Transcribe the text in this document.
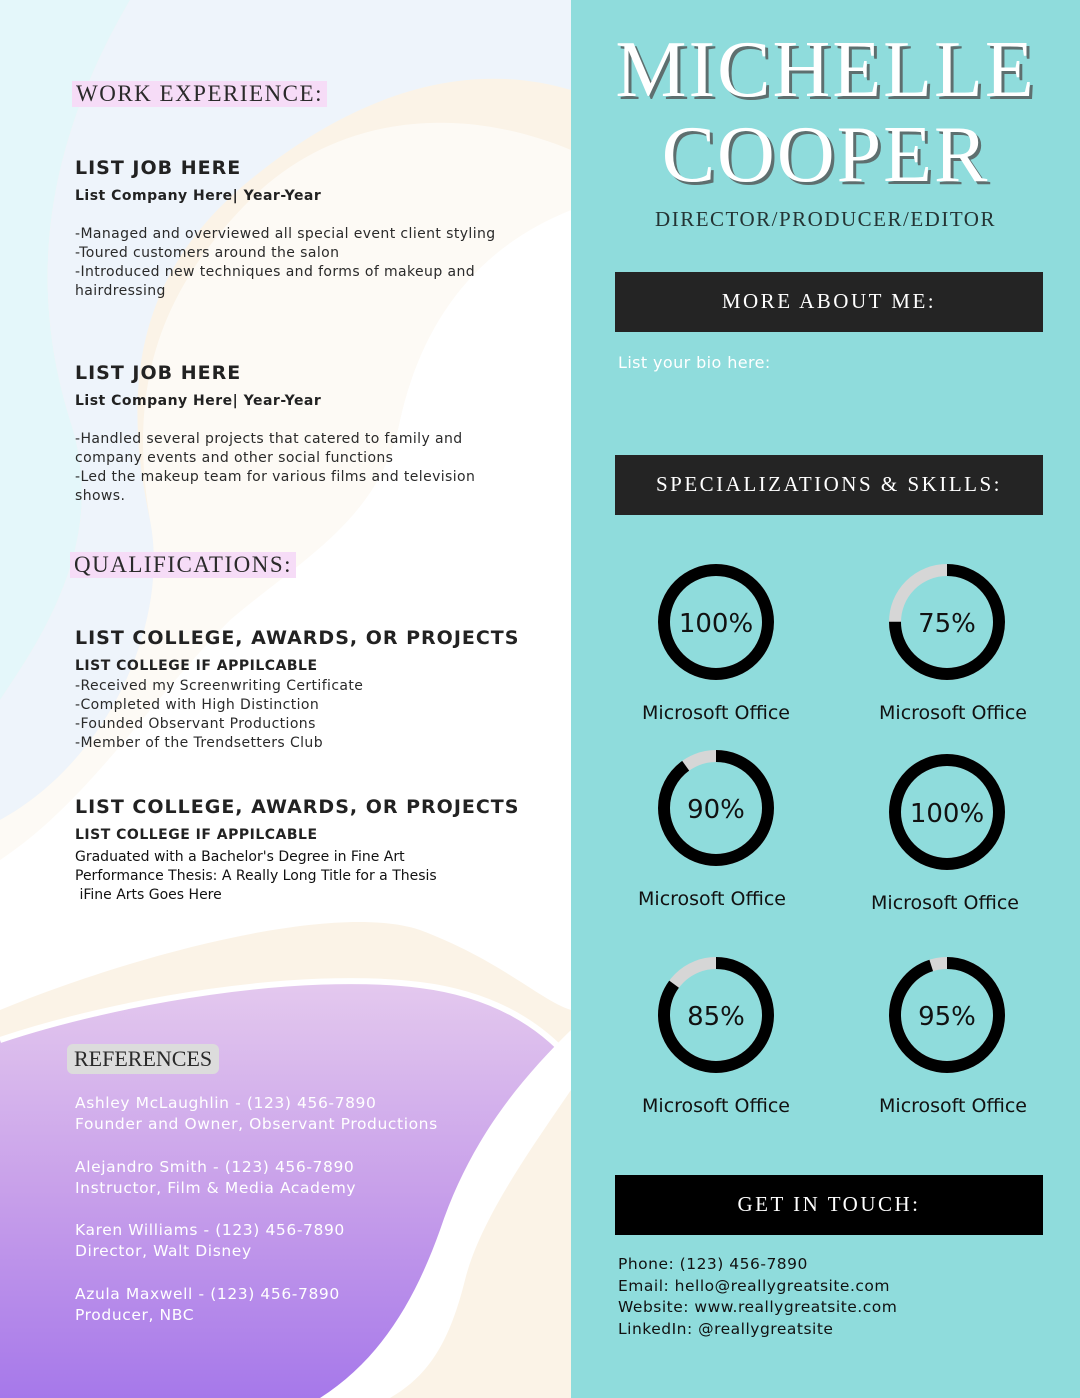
WORK EXPERIENCE:
LIST JOB HERE
List Company Here| Year-Year
-Managed and overviewed all special event client styling
-Toured customers around the salon
-Introduced new techniques and forms of makeup and
hairdressing
LIST JOB HERE
List Company Here| Year-Year
-Handled several projects that catered to family and
company events and other social functions
-Led the makeup team for various films and television
shows.
QUALIFICATIONS:
LIST COLLEGE, AWARDS, OR PROJECTS
LIST COLLEGE IF APPILCABLE
-Received my Screenwriting Certificate
-Completed with High Distinction
-Founded Observant Productions
-Member of the Trendsetters Club
LIST COLLEGE, AWARDS, OR PROJECTS
LIST COLLEGE IF APPILCABLE
Graduated with a Bachelor's Degree in Fine Art
Performance Thesis: A Really Long Title for a Thesis
iFine Arts Goes Here
REFERENCES
Ashley McLaughlin - (123) 456-7890
Founder and Owner, Observant Productions
Alejandro Smith - (123) 456-7890
Instructor, Film & Media Academy
Karen Williams - (123) 456-7890
Director, Walt Disney
Azula Maxwell - (123) 456-7890
Producer, NBC
MICHELLE
COOPER
DIRECTOR/PRODUCER/EDITOR
MORE ABOUT ME:
List your bio here:
SPECIALIZATIONS & SKILLS:
100%
Microsoft Office
75%
Microsoft Office
90%
Microsoft Office
100%
Microsoft Office
85%
Microsoft Office
95%
Microsoft Office
GET IN TOUCH:
Phone: (123) 456-7890
Email: hello@reallygreatsite.com
Website: www.reallygreatsite.com
LinkedIn: @reallygreatsite
